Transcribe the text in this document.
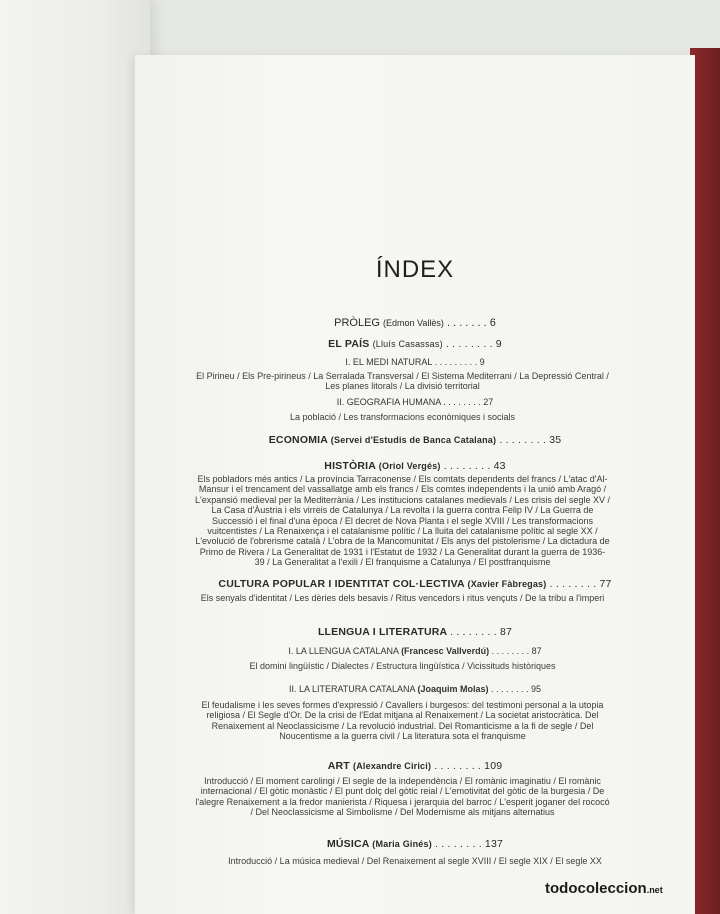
ÍNDEX
PRÒLEG (Edmon Vallès) . . . . . . . 6
EL PAÍS (Lluís Casassas) . . . . . . . . 9
I. EL MEDI NATURAL . . . . . . . . . 9
El Pirineu / Els Pre-pirineus / La Serralada Transversal / El Sistema Mediterrani / La Depressió Central / Les planes litorals / La divisió territorial
II. GEOGRAFIA HUMANA . . . . . . . . 27
La població / Les transformacions econòmiques i socials
ECONOMIA (Servei d'Estudis de Banca Catalana) . . . . . . . . 35
HISTÒRIA (Oriol Vergés) . . . . . . . . 43
Els pobladors més antics / La província Tarraconense / Els comtats dependents del francs / L'atac d'Al-Mansur i el trencament del vassallatge amb els francs / Els comtes independents i la unió amb Aragó / L'expansió medieval per la Mediterrània / Les institucions catalanes medievals / Les crisis del segle XV / La Casa d'Àustria i els virreis de Catalunya / La revolta i la guerra contra Felip IV / La Guerra de Successió i el final d'una època / El decret de Nova Planta i el segle XVIII / Les transformacions vuitcentistes / La Renaixença i el catalanisme polític / La lluita del catalanisme polític al segle XX / L'evolució de l'obrerisme català / L'obra de la Mancomunitat / Els anys del pistolerisme / La dictadura de Primo de Rivera / La Generalitat de 1931 i l'Estatut de 1932 / La Generalitat durant la guerra de 1936-39 / La Generalitat a l'exili / El franquisme a Catalunya / El postfranquisme
CULTURA POPULAR I IDENTITAT COL·LECTIVA (Xavier Fàbregas) . . . . . . . . 77
Els senyals d'identitat / Les dèries dels besavis / Ritus vencedors i ritus vençuts / De la tribu a l'imperi
LLENGUA I LITERATURA . . . . . . . . 87
I. LA LLENGUA CATALANA (Francesc Vallverdú) . . . . . . . . 87
El domini lingüístic / Dialectes / Estructura lingüística / Vicissituds històriques
II. LA LITERATURA CATALANA (Joaquim Molas) . . . . . . . . 95
El feudalisme i les seves formes d'expressió / Cavallers i burgesos: del testimoni personal a la utopia religiosa / El Segle d'Or. De la crisi de l'Edat mitjana al Renaixement / La societat aristocràtica. Del Renaixement al Neoclassicisme / La revolució industrial. Del Romanticisme a la fi de segle / Del Noucentisme a la guerra civil / La literatura sota el franquisme
ART (Alexandre Cirici) . . . . . . . . 109
Introducció / El moment carolingi / El segle de la independència / El romànic imaginatiu / El romànic internacional / El gòtic monàstic / El punt dolç del gòtic reial / L'emotivitat del gòtic de la burgesia / De l'alegre Renaixement a la fredor manierista / Riquesa i jerarquia del barroc / L'esperit joganer del rococó / Del Neoclassicisme al Simbolisme / Del Modernisme als mitjans alternatius
MÚSICA (Maria Ginés) . . . . . . . . 137
Introducció / La música medieval / Del Renaixement al segle XVIII / El segle XIX / El segle XX
todocoleccion.net
